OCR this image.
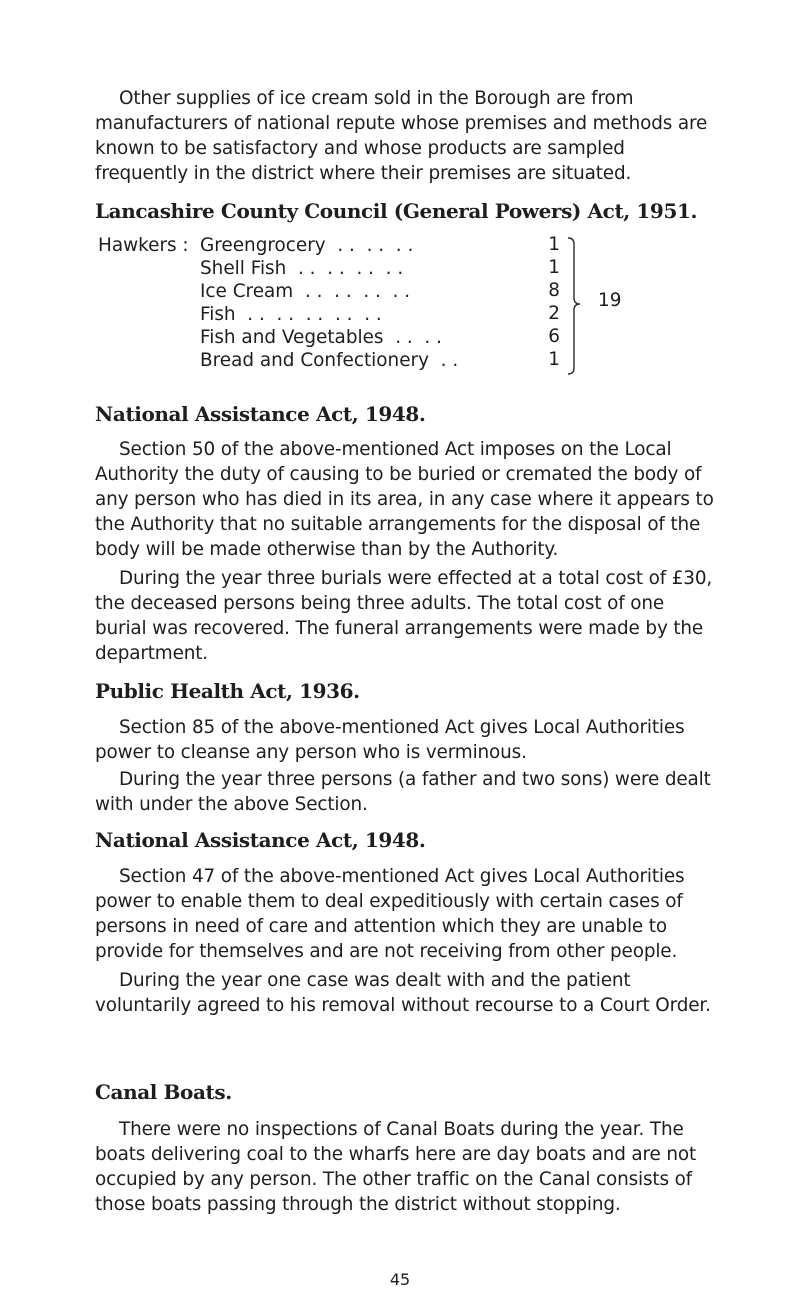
Other supplies of ice cream sold in the Borough are from manufacturers of national repute whose premises and methods are known to be satisfactory and whose products are sampled frequently in the district where their premises are situated.

Lancashire County Council (General Powers) Act, 1951.
Hawkers : Greengrocery  . .  . .  . .	1
Shell Fish  . .  . .  . .  . .	1
Ice Cream  . .  . .  . .  . .	8
Fish  . .  . .  . .  . .  . .	2
Fish and Vegetables  . .  . .	6
Bread and Confectionery  . .	1
19
National Assistance Act, 1948.

Section 50 of the above-mentioned Act imposes on the Local Authority the duty of causing to be buried or cremated the body of any person who has died in its area, in any case where it appears to the Authority that no suitable arrangements for the disposal of the body will be made otherwise than by the Authority.

During the year three burials were effected at a total cost of £30, the deceased persons being three adults. The total cost of one burial was recovered. The funeral arrangements were made by the department.

Public Health Act, 1936.

Section 85 of the above-mentioned Act gives Local Authorities power to cleanse any person who is verminous.

During the year three persons (a father and two sons) were dealt with under the above Section.

National Assistance Act, 1948.

Section 47 of the above-mentioned Act gives Local Authorities power to enable them to deal expeditiously with certain cases of persons in need of care and attention which they are unable to provide for themselves and are not receiving from other people.

During the year one case was dealt with and the patient voluntarily agreed to his removal without recourse to a Court Order.

Canal Boats.

There were no inspections of Canal Boats during the year. The boats delivering coal to the wharfs here are day boats and are not occupied by any person. The other traffic on the Canal consists of those boats passing through the district without stopping.

45
